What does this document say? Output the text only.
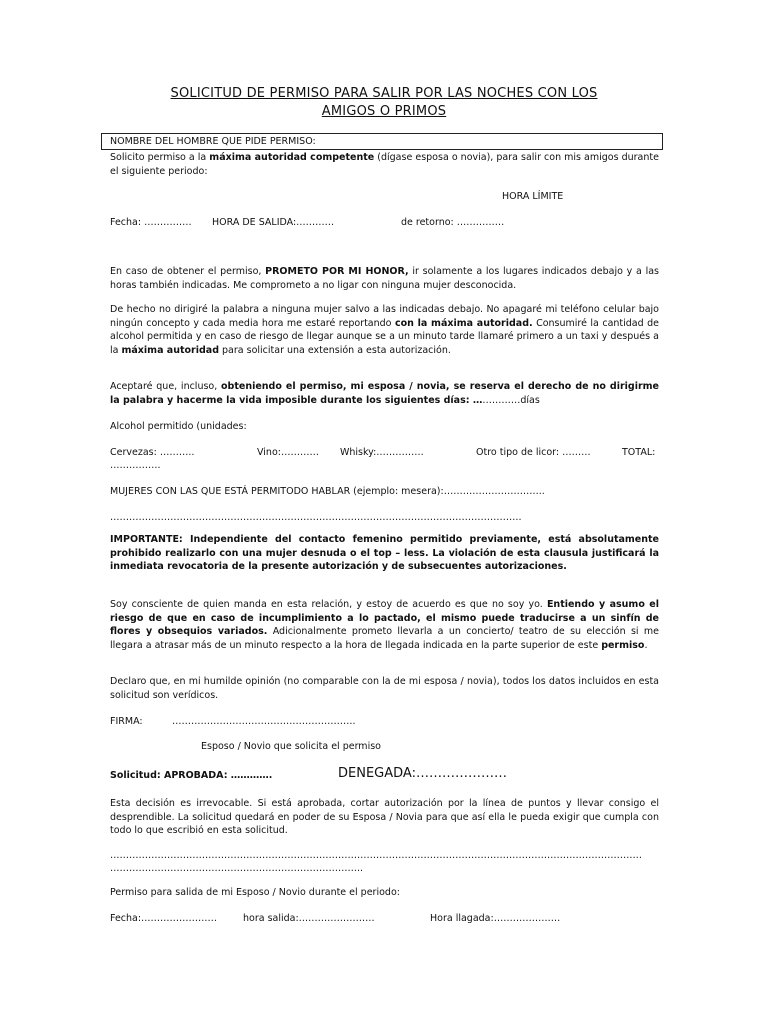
SOLICITUD DE PERMISO PARA SALIR POR LAS NOCHES CON LOS
AMIGOS O PRIMOS
NOMBRE DEL HOMBRE QUE PIDE PERMISO:
Solicito permiso a la máxima autoridad competente (dígase esposa o novia), para salir con mis amigos durante el siguiente periodo:
HORA LÍMITE
Fecha: …………… HORA DE SALIDA:…………	de retorno: ……………
En caso de obtener el permiso, PROMETO POR MI HONOR, ir solamente a los lugares indicados debajo y a las horas también indicadas. Me comprometo a no ligar con ninguna mujer desconocida.
De hecho no dirigiré la palabra a ninguna mujer salvo a las indicadas debajo. No apagaré mi teléfono celular bajo ningún concepto y cada media hora me estaré reportando con la máxima autoridad. Consumiré la cantidad de alcohol permitida y en caso de riesgo de llegar aunque se a un minuto tarde llamaré primero a un taxi y después a la máxima autoridad para solicitar una extensión a esta autorización.
Aceptaré que, incluso, obteniendo el permiso, mi esposa / novia, se reserva el derecho de no dirigirme la palabra y hacerme la vida imposible durante los siguientes días: ……………días
Alcohol permitido (unidades:
Cervezas: ………..	Vino:………… Whisky:……………	Otro tipo de licor: ………	TOTAL:
…………….
MUJERES CON LAS QUE ESTÁ PERMITODO HABLAR (ejemplo: mesera):…………………………..
………………………………………………………………………………………………………………….
IMPORTANTE: Independiente del contacto femenino permitido previamente, está absolutamente prohibido realizarlo con una mujer desnuda o el top – less. La violación de esta clausula justificará la inmediata revocatoria de la presente autorización y de subsecuentes autorizaciones.
Soy consciente de quien manda en esta relación, y estoy de acuerdo es que no soy yo. Entiendo y asumo el riesgo de que en caso de incumplimiento a lo pactado, el mismo puede traducirse a un sinfín de flores y obsequios variados. Adicionalmente prometo llevarla a un concierto/ teatro de su elección si me llegara a atrasar más de un minuto respecto a la hora de llegada indicada en la parte superior de este permiso.
Declaro que, en mi humilde opinión (no comparable con la de mi esposa / novia), todos los datos incluidos en esta solicitud son verídicos.
FIRMA:	………………………………………………….
Esposo / Novio que solicita el permiso
Solicitud: APROBADA: ………….	DENEGADA:…………………
Esta decisión es irrevocable. Si está aprobada, cortar autorización por la línea de puntos y llevar consigo el desprendible. La solicitud quedará en poder de su Esposa / Novia para que así ella le pueda exigir que cumpla con todo lo que escribió en esta solicitud.
……………………………………………………………………………………………………………………………………………………
……………………………………………………………………..
Permiso para salida de mi Esposo / Novio durante el periodo:
Fecha:……………………	hora salida:……………………	Hora llagada:…………………
